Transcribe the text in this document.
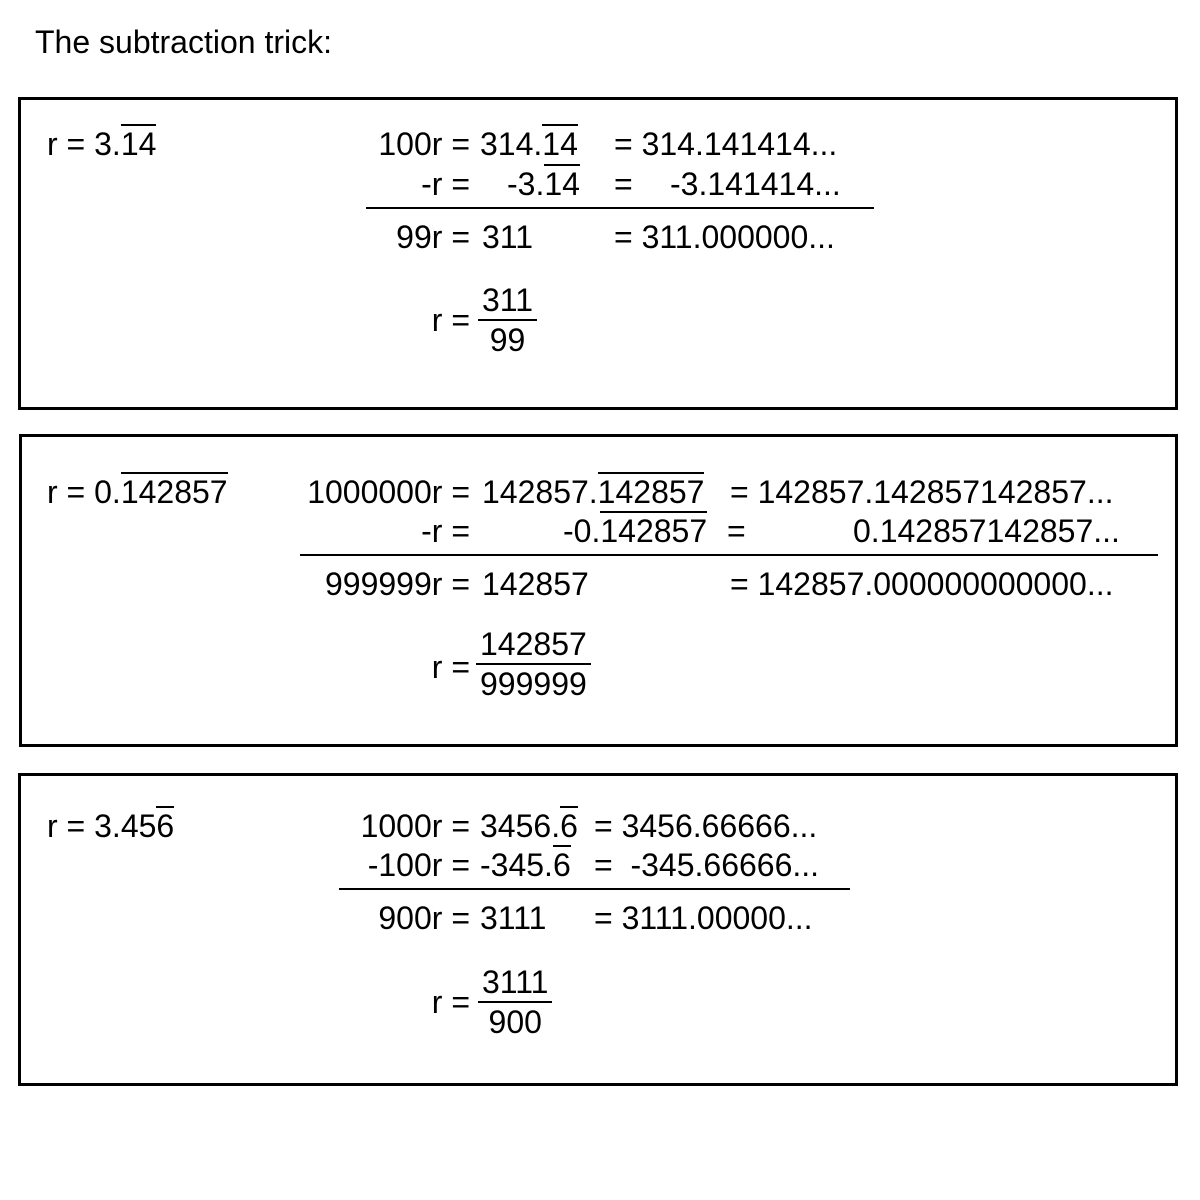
The subtraction trick:
r = 3.14	100r = 314.14 = 314.141414...
-r = -3.14 = -3.141414...
99r = 311	= 311.000000...
$r = \frac{311}{99}$
r = 0.142857	1000000r = 142857.142857 = 142857.142857142857...
-r =	-0.142857 =	0.142857142857...
999999r = 142857	= 142857.000000000000...
$r = \frac{142857}{999999}$
r = 3.456	1000r = 3456.6 = 3456.66666...
-100r = -345.6 =  -345.66666...
900r = 3111 = 3111.00000...
$r = \frac{3111}{900}$
